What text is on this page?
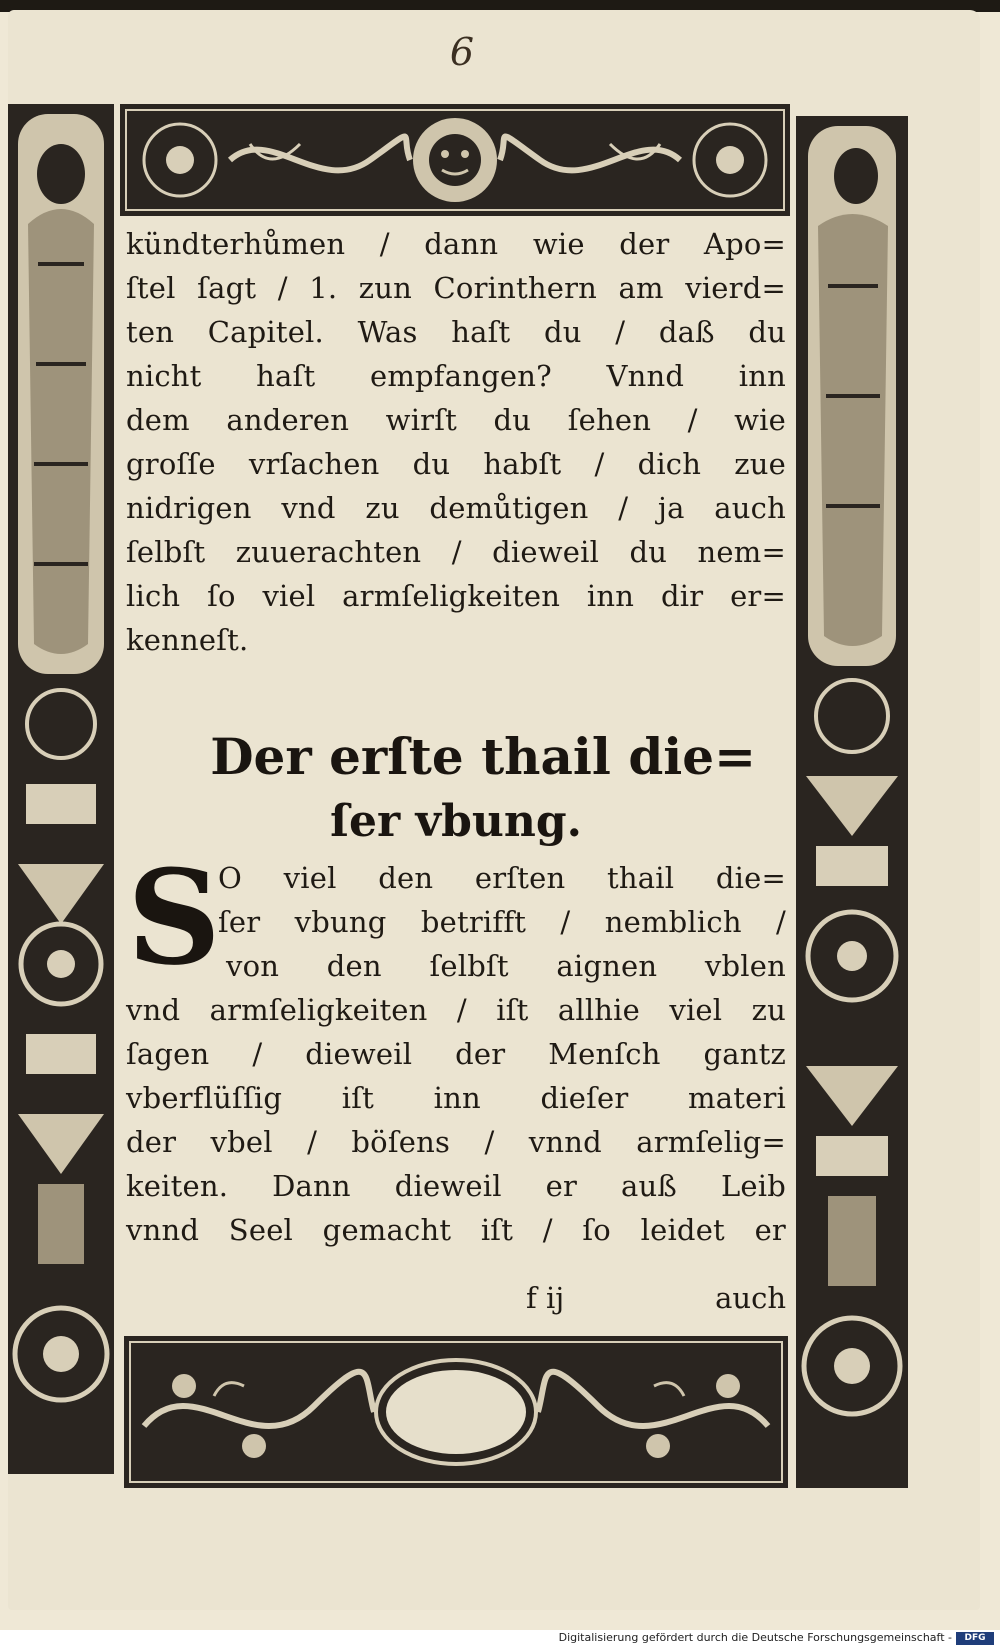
6
kündterhůmen / dann wie der Apo=
ſtel ſagt / 1. zun Corinthern am vierd=
ten Capitel. Was haſt du / daß du
nicht haſt empfangen? Vnnd inn
dem anderen wirſt du ſehen / wie
groſſe vrſachen du habſt / dich zue
nidrigen vnd zu demůtigen / ja auch
ſelbſt zuuerachten / dieweil du nem=
lich ſo viel armſeligkeiten inn dir er=
kenneſt.
Der erſte thail die=
ſer vbung.
S
O viel den erſten thail die=
ſer vbung betrifft / nemblich /
von den ſelbſt aignen vblen
vnd armſeligkeiten / iſt allhie viel zu
ſagen / dieweil der Menſch gantz
vberflüſſig iſt inn dieſer materi
der vbel / böſens / vnnd armſelig=
keiten. Dann dieweil er auß Leib
vnnd Seel gemacht iſt / ſo leidet er
f ij	auch
Digitalisierung gefördert durch die Deutsche Forschungsgemeinschaft -	DFG
